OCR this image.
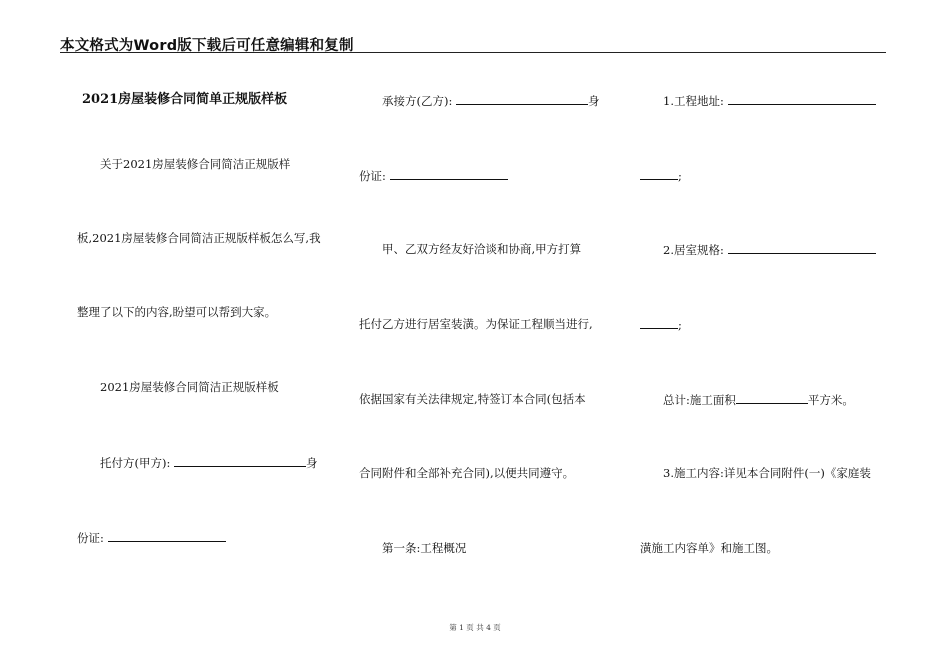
本文格式为Word版下载后可任意编辑和复制
2021房屋装修合同简单正规版样板
关于2021房屋装修合同简洁正规版样
板,2021房屋装修合同简洁正规版样板怎么写,我
整理了以下的内容,盼望可以帮到大家。
2021房屋装修合同简洁正规版样板
托付方(甲方):	身
份证:
承接方(乙方):	身
份证:
甲、乙双方经友好洽谈和协商,甲方打算
托付乙方进行居室装潢。为保证工程顺当进行,
依据国家有关法律规定,特签订本合同(包括本
合同附件和全部补充合同),以便共同遵守。
第一条:工程概况
1.工程地址:
;
2.居室规格:
;
总计:施工面积	平方米。
3.施工内容:详见本合同附件(一)《家庭装
潢施工内容单》和施工图。
第 1 页 共 4 页
